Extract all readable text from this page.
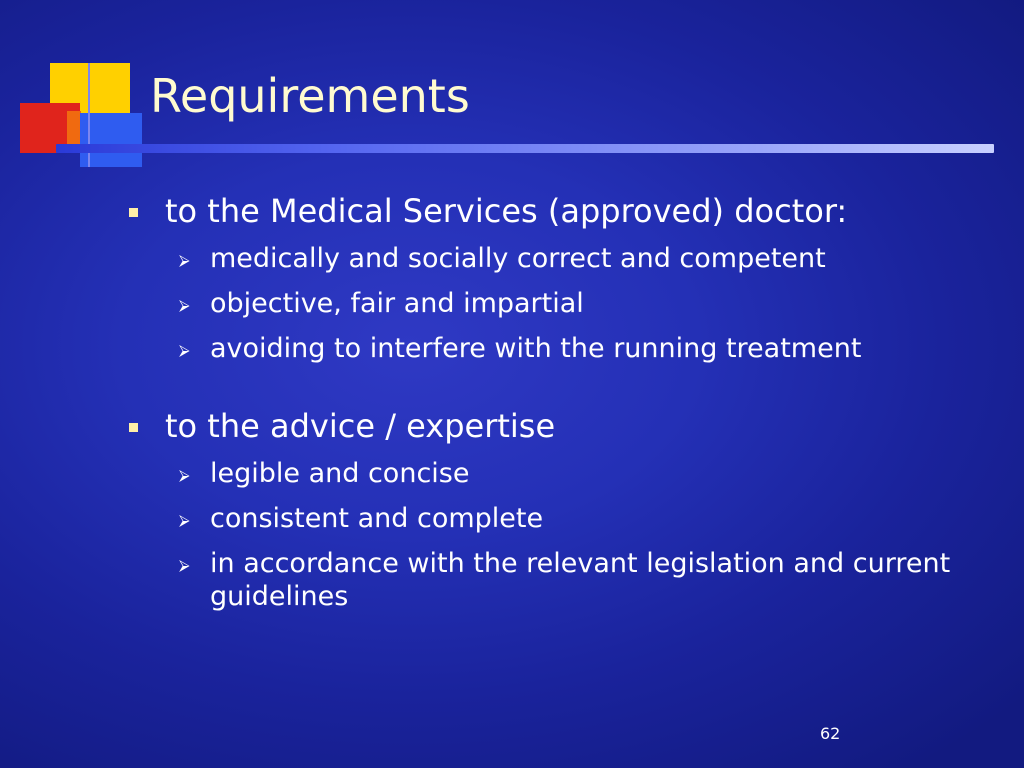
Requirements
to the Medical Services (approved) doctor:
⮚ medically and socially correct and competent
⮚ objective, fair and impartial
⮚ avoiding to interfere with the running treatment
to the advice / expertise
⮚ legible and concise
⮚ consistent and complete
⮚ in accordance with the relevant legislation and current guidelines
62
